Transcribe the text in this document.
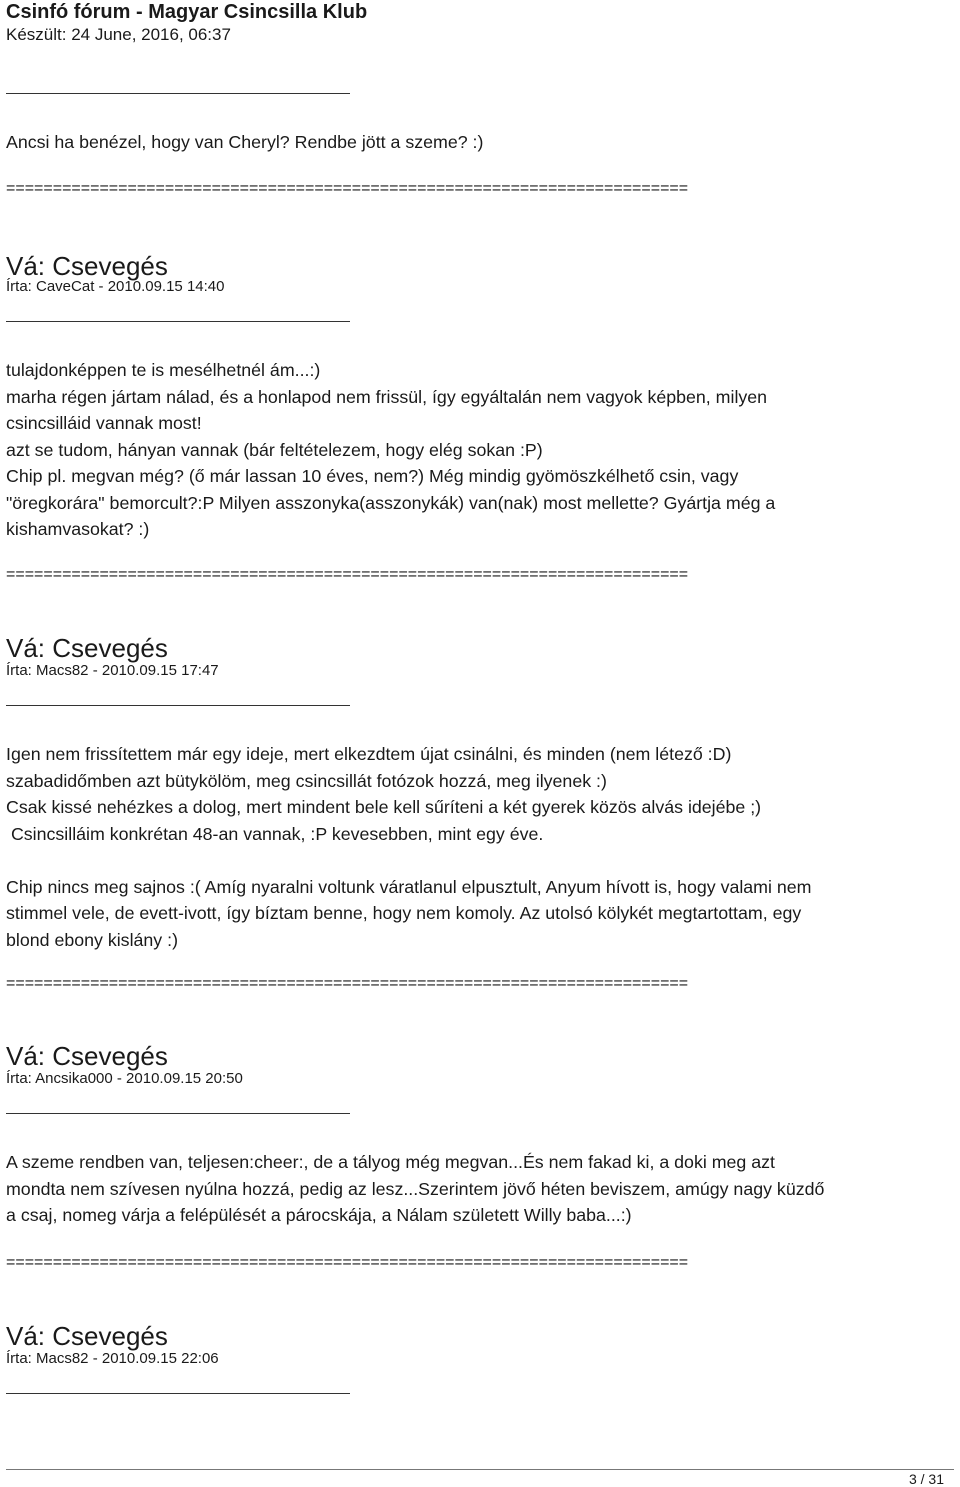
Csinfó fórum - Magyar Csincsilla Klub
Készült: 24 June, 2016, 06:37
Ancsi ha benézel, hogy van Cheryl? Rendbe jött a szeme? :)
=========================================================================
Vá: Csevegés
Írta: CaveCat - 2010.09.15 14:40
tulajdonképpen te is mesélhetnél ám...:)
marha régen jártam nálad, és a honlapod nem frissül, így egyáltalán nem vagyok képben, milyen
csincsilláid vannak most!
azt se tudom, hányan vannak (bár feltételezem, hogy elég sokan :P)
Chip pl. megvan még? (ő már lassan 10 éves, nem?) Még mindig gyömöszkélhető csin, vagy
"öregkorára" bemorcult?:P Milyen asszonyka(asszonykák) van(nak) most mellette? Gyártja még a
kishamvasokat? :)
=========================================================================
Vá: Csevegés
Írta: Macs82 - 2010.09.15 17:47
Igen nem frissítettem már egy ideje, mert elkezdtem újat csinálni, és minden (nem létező :D)
szabadidőmben azt bütykölöm, meg csincsillát fotózok hozzá, meg ilyenek :)
Csak kissé nehézkes a dolog, mert mindent bele kell sűríteni a két gyerek közös alvás idejébe ;)
Csincsilláim konkrétan 48-an vannak, :P kevesebben, mint egy éve.

Chip nincs meg sajnos :( Amíg nyaralni voltunk váratlanul elpusztult, Anyum hívott is, hogy valami nem
stimmel vele, de evett-ivott, így bíztam benne, hogy nem komoly. Az utolsó kölykét megtartottam, egy
blond ebony kislány :)
=========================================================================
Vá: Csevegés
Írta: Ancsika000 - 2010.09.15 20:50
A szeme rendben van, teljesen:cheer:, de a tályog még megvan...És nem fakad ki, a doki meg azt
mondta nem szívesen nyúlna hozzá, pedig az lesz...Szerintem jövő héten beviszem, amúgy nagy küzdő
a csaj, nomeg várja a felépülését a párocskája, a Nálam született Willy baba...:)
=========================================================================
Vá: Csevegés
Írta: Macs82 - 2010.09.15 22:06
3 / 31
